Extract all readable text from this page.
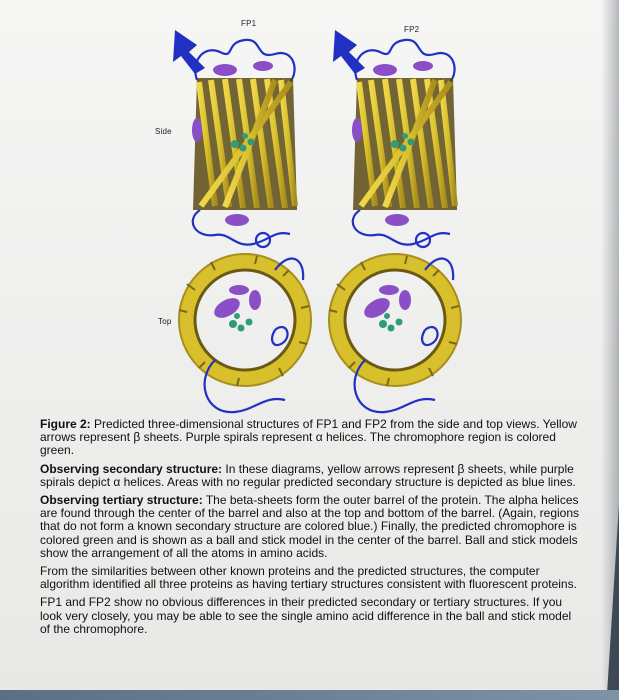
FP1
FP2
Side
Top

Figure 2: Predicted three-dimensional structures of FP1 and FP2 from the side and top views. Yellow arrows represent β sheets. Purple spirals represent α helices. The chromophore region is colored green.

Observing secondary structure: In these diagrams, yellow arrows represent β sheets, while purple spirals depict α helices. Areas with no regular predicted secondary structure is depicted as blue lines.

Observing tertiary structure: The beta-sheets form the outer barrel of the protein. The alpha helices are found through the center of the barrel and also at the top and bottom of the barrel. (Again, regions that do not form a known secondary structure are colored blue.) Finally, the predicted chromophore is colored green and is shown as a ball and stick model in the center of the barrel. Ball and stick models show the arrangement of all the atoms in amino acids.

From the similarities between other known proteins and the predicted structures, the computer algorithm identified all three proteins as having tertiary structures consistent with fluorescent proteins.

FP1 and FP2 show no obvious differences in their predicted secondary or tertiary structures. If you look very closely, you may be able to see the single amino acid difference in the ball and stick model of the chromophore.
